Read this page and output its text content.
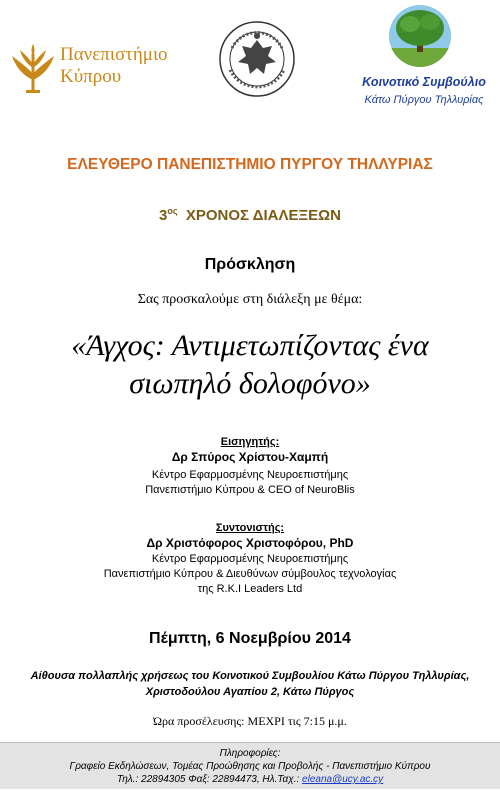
Πανεπιστήμιο
Κύπρου	Κοινοτικό Συμβούλιο
Κάτω Πύργου Τηλλυρίας
ΕΛΕΥΘΕΡΟ ΠΑΝΕΠΙΣΤΗΜΙΟ ΠΥΡΓΟΥ ΤΗΛΛΥΡΙΑΣ
$3^{o\varsigma}$ ΧΡΟΝΟΣ ΔΙΑΛΕΞΕΩΝ
Πρόσκληση
Σας προσκαλούμε στη διάλεξη με θέμα:
«Άγχος: Αντιμετωπίζοντας ένα
σιωπηλό δολοφόνο»
Εισηγητής:
Δρ Σπύρος Χρίστου-Χαμπή
Κέντρο Εφαρμοσμένης Νευροεπιστήμης
Πανεπιστήμιο Κύπρου & CEO of NeuroBlis
Συντονιστής:
Δρ Χριστόφορος Χριστοφόρου, PhD
Κέντρο Εφαρμοσμένης Νευροεπιστήμης
Πανεπιστήμιο Κύπρου & Διευθύνων σύμβουλος τεχνολογίας
της R.K.I Leaders Ltd
Πέμπτη, 6 Νοεμβρίου 2014
Αίθουσα πολλαπλής χρήσεως του Κοινοτικού Συμβουλίου Κάτω Πύργου Τηλλυρίας,
Χριστοδούλου Αγαπίου 2, Κάτω Πύργος
Ώρα προσέλευσης: ΜΕΧΡΙ τις 7:15 μ.μ.
Πληροφορίες:
Γραφείο Εκδηλώσεων, Τομέας Προώθησης και Προβολής - Πανεπιστήμιο Κύπρου
Τηλ.: 22894305 Φαξ: 22894473, Ηλ.Ταχ.: eleana@ucy.ac.cy
